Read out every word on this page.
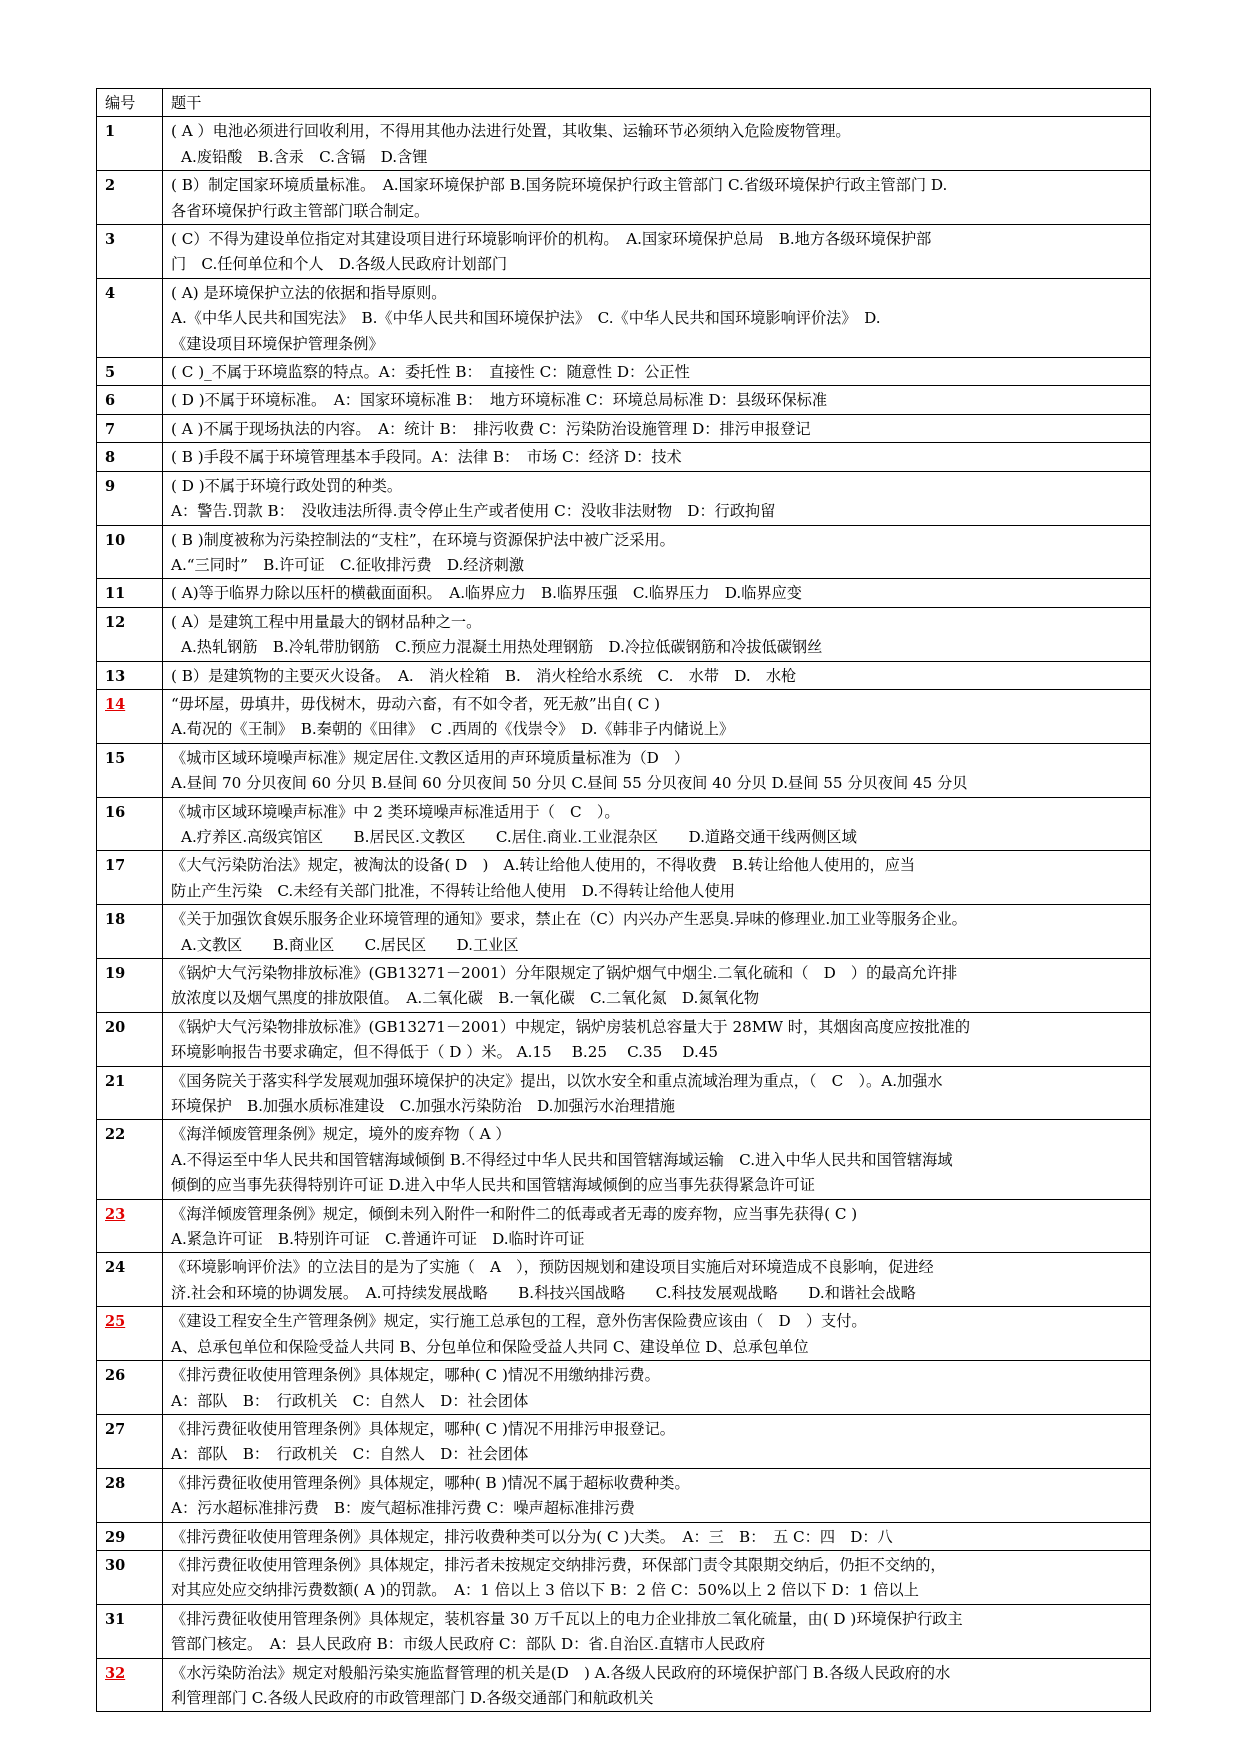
编号	题干
1	( A ）电池必须进行回收利用，不得用其他办法进行处置，其收集、运输环节必须纳入危险废物管理。
A.废铅酸　B.含汞　C.含镉　D.含锂

2	( B）制定国家环境质量标准。　A.国家环境保护部 B.国务院环境保护行政主管部门 C.省级环境保护行政主管部门 D.
各省环境保护行政主管部门联合制定。

3	( C）不得为建设单位指定对其建设项目进行环境影响评价的机构。　A.国家环境保护总局　B.地方各级环境保护部
门　C.任何单位和个人　D.各级人民政府计划部门

4	( A) 是环境保护立法的依据和指导原则。
A.《中华人民共和国宪法》　B.《中华人民共和国环境保护法》　C.《中华人民共和国环境影响评价法》　D.
《建设项目环境保护管理条例》

5	( C )_不属于环境监察的特点。A：委托性 B：　直接性 C：随意性 D：公正性

6	( D )不属于环境标准。　A：国家环境标准 B：　地方环境标准 C：环境总局标准 D：县级环保标准

7	( A )不属于现场执法的内容。　A：统计 B：　排污收费 C：污染防治设施管理 D：排污申报登记

8	( B )手段不属于环境管理基本手段同。A：法律 B：　市场 C：经济 D：技术

9	( D )不属于环境行政处罚的种类。
A：警告.罚款 B：　没收违法所得.责令停止生产或者使用 C：没收非法财物　D：行政拘留

10	( B )制度被称为污染控制法的“支柱”，在环境与资源保护法中被广泛采用。
A.“三同时”　B.许可证　C.征收排污费　D.经济刺激

11	( A)等于临界力除以压杆的横截面面积。　A.临界应力　B.临界压强　C.临界压力　D.临界应变

12	( A）是建筑工程中用量最大的钢材品种之一。
A.热轧钢筋　B.冷轧带肋钢筋　C.预应力混凝土用热处理钢筋　D.冷拉低碳钢筋和冷拔低碳钢丝

13	( B）是建筑物的主要灭火设备。　A.　消火栓箱　B.　消火栓给水系统　C.　水带　D.　水枪

14	“毋坏屋，毋填井，毋伐树木，毋动六畜，有不如令者，死无赦”出自( C )
A.荀况的《王制》　B.秦朝的《田律》　C .西周的《伐崇令》　D.《韩非子内储说上》

15	《城市区域环境噪声标准》规定居住.文教区适用的声环境质量标准为（D　）
A.昼间 70 分贝夜间 60 分贝 B.昼间 60 分贝夜间 50 分贝 C.昼间 55 分贝夜间 40 分贝 D.昼间 55 分贝夜间 45 分贝

16	《城市区域环境噪声标准》中 2 类环境噪声标准适用于（　C　）。
A.疗养区.高级宾馆区　　B.居民区.文教区　　C.居住.商业.工业混杂区　　D.道路交通干线两侧区域

17	《大气污染防治法》规定，被淘汰的设备( D　)　A.转让给他人使用的，不得收费　B.转让给他人使用的，应当
防止产生污染　C.未经有关部门批准，不得转让给他人使用　D.不得转让给他人使用

18	《关于加强饮食娱乐服务企业环境管理的通知》要求，禁止在（C）内兴办产生恶臭.异味的修理业.加工业等服务企业。
A.文教区　　B.商业区　　C.居民区　　D.工业区

19	《锅炉大气污染物排放标准》(GB13271－2001）分年限规定了锅炉烟气中烟尘.二氧化硫和（　D　）的最高允许排
放浓度以及烟气黑度的排放限值。　A.二氧化碳　B.一氧化碳　C.二氧化氮　D.氮氧化物

20	《锅炉大气污染物排放标准》(GB13271－2001）中规定，锅炉房装机总容量大于 28MW 时，其烟囱高度应按批准的
环境影响报告书要求确定，但不得低于（ D ）米。 A.15　 B.25　 C.35　 D.45

21	《国务院关于落实科学发展观加强环境保护的决定》提出，以饮水安全和重点流域治理为重点，（　C　）。A.加强水
环境保护　B.加强水质标准建设　C.加强水污染防治　D.加强污水治理措施

22	《海洋倾废管理条例》规定，境外的废弃物（ A ）
A.不得运至中华人民共和国管辖海域倾倒 B.不得经过中华人民共和国管辖海域运输　C.进入中华人民共和国管辖海域
倾倒的应当事先获得特别许可证 D.进入中华人民共和国管辖海域倾倒的应当事先获得紧急许可证

23	《海洋倾废管理条例》规定，倾倒未列入附件一和附件二的低毒或者无毒的废弃物，应当事先获得( C )
A.紧急许可证　B.特别许可证　C.普通许可证　D.临时许可证

24	《环境影响评价法》的立法目的是为了实施（　A　），预防因规划和建设项目实施后对环境造成不良影响，促进经
济.社会和环境的协调发展。　A.可持续发展战略　　B.科技兴国战略　　C.科技发展观战略　　D.和谐社会战略

25	《建设工程安全生产管理条例》规定，实行施工总承包的工程，意外伤害保险费应该由（　D　）支付。
A、总承包单位和保险受益人共同 B、分包单位和保险受益人共同 C、建设单位 D、总承包单位

26	《排污费征收使用管理条例》具体规定，哪种( C )情况不用缴纳排污费。
A：部队　B：　行政机关　C：自然人　D：社会团体

27	《排污费征收使用管理条例》具体规定，哪种( C )情况不用排污申报登记。
A：部队　B：　行政机关　C：自然人　D：社会团体

28	《排污费征收使用管理条例》具体规定，哪种( B )情况不属于超标收费种类。
A：污水超标准排污费　B：废气超标准排污费 C：噪声超标准排污费

29	《排污费征收使用管理条例》具体规定，排污收费种类可以分为( C )大类。　A：三　B：　五 C：四　D：八

30	《排污费征收使用管理条例》具体规定，排污者未按规定交纳排污费，环保部门责令其限期交纳后，仍拒不交纳的，
对其应处应交纳排污费数额( A )的罚款。　A：1 倍以上 3 倍以下 B：2 倍 C：50%以上 2 倍以下 D：1 倍以上

31	《排污费征收使用管理条例》具体规定，装机容量 30 万千瓦以上的电力企业排放二氧化硫量，由( D )环境保护行政主
管部门核定。　A：县人民政府 B：市级人民政府 C：部队 D：省.自治区.直辖市人民政府

32	《水污染防治法》规定对般船污染实施监督管理的机关是(D　) A.各级人民政府的环境保护部门 B.各级人民政府的水
利管理部门 C.各级人民政府的市政管理部门 D.各级交通部门和航政机关
